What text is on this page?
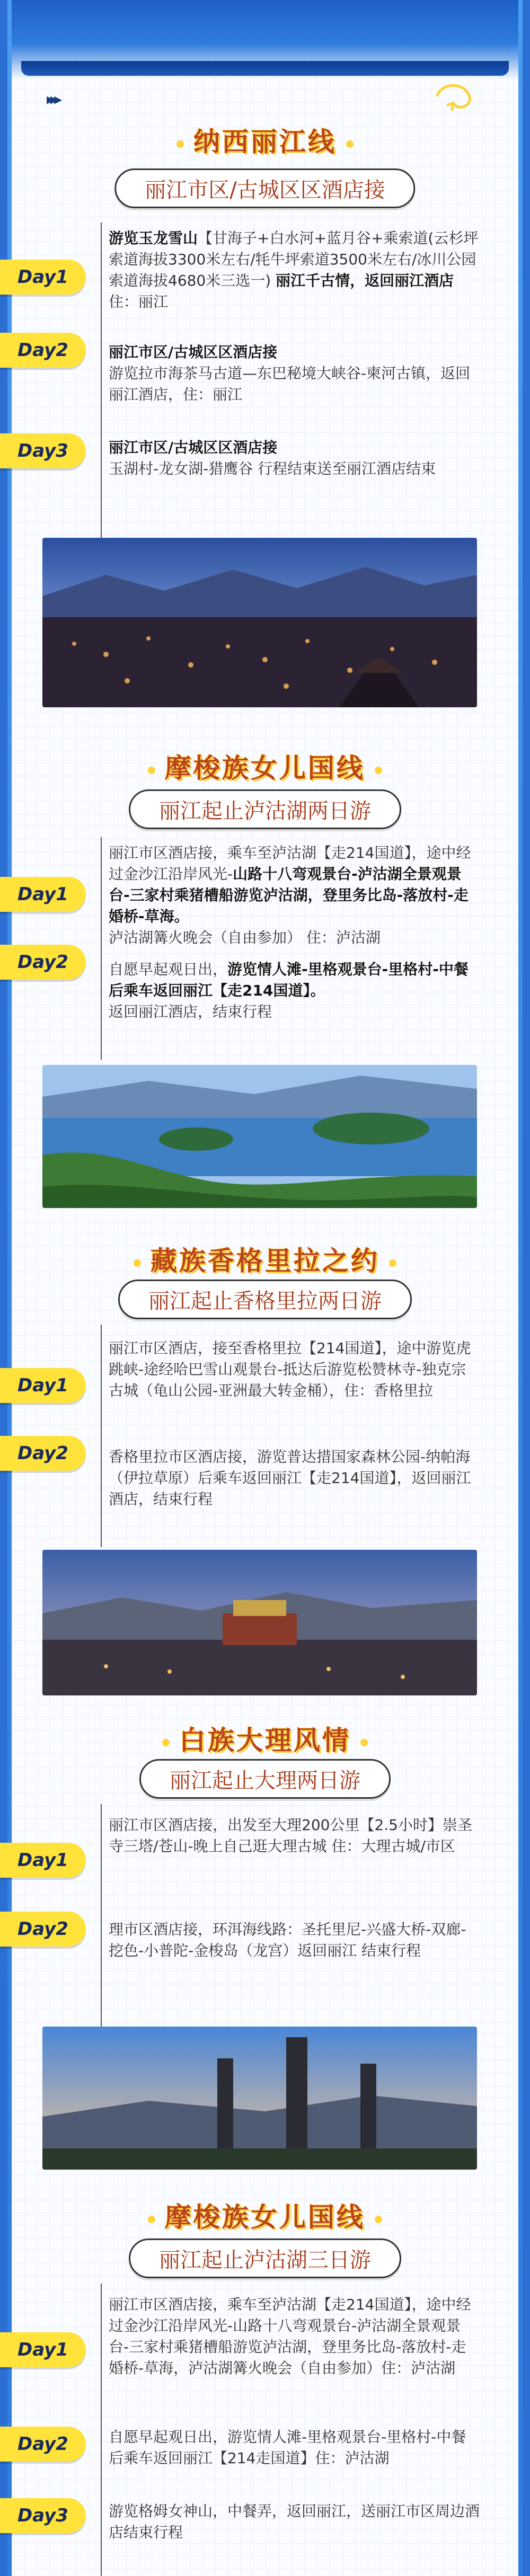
▸▸▸
纳西丽江线
丽江市区/古城区区酒店接
Day1
游览玉龙雪山【甘海子+白水河+蓝月谷+乘索道(云杉坪索道海拔3300米左右/牦牛坪索道3500米左右/冰川公园索道海拔4680米三选一) 丽江千古情，返回丽江酒店 住：丽江
Day2	丽江市区/古城区区酒店接
游览拉市海茶马古道—东巴秘境大峡谷-柬河古镇，返回丽江酒店，住：丽江
Day3	丽江市区/古城区区酒店接
玉湖村-龙女湖-猎鹰谷 行程结束送至丽江酒店结束
摩梭族女儿国线
丽江起止泸沽湖两日游
Day1
丽江市区酒店接，乘车至泸沽湖【走214国道】，途中经过金沙江沿岸风光-山路十八弯观景台-泸沽湖全景观景台-三家村乘猪槽船游览泸沽湖，登里务比岛-落放村-走婚桥-草海。
泸沽湖篝火晚会（自由参加） 住：泸沽湖
Day2	自愿早起观日出，游览情人滩-里格观景台-里格村-中餐后乘车返回丽江【走214国道】。
返回丽江酒店，结束行程
藏族香格里拉之约
丽江起止香格里拉两日游
Day1
丽江市区酒店，接至香格里拉【214国道】，途中游览虎跳峡-途经哈巴雪山观景台-抵达后游览松赞林寺-独克宗古城（龟山公园-亚洲最大转金桶），住：香格里拉
Day2	香格里拉市区酒店接，游览普达措国家森林公园-纳帕海（伊拉草原）后乘车返回丽江【走214国道】，返回丽江酒店，结束行程
白族大理风情
丽江起止大理两日游
Day1
丽江市区酒店接，出发至大理200公里【2.5小时】崇圣寺三塔/苍山-晚上自己逛大理古城 住：大理古城/市区
Day2	理市区酒店接，环洱海线路：圣托里尼-兴盛大桥-双廊-挖色-小普陀-金梭岛（龙宫）返回丽江 结束行程
摩梭族女儿国线
丽江起止泸沽湖三日游
Day1
丽江市区酒店接，乘车至泸沽湖【走214国道】，途中经过金沙江沿岸风光-山路十八弯观景台-泸沽湖全景观景台-三家村乘猪槽船游览泸沽湖，登里务比岛-落放村-走婚桥-草海，泸沽湖篝火晚会（自由参加）住：泸沽湖
Day2	自愿早起观日出，游览情人滩-里格观景台-里格村-中餐后乘车返回丽江【214走国道】住：泸沽湖
Day3	游览格姆女神山，中餐弄，返回丽江，送丽江市区周边酒店结束行程
